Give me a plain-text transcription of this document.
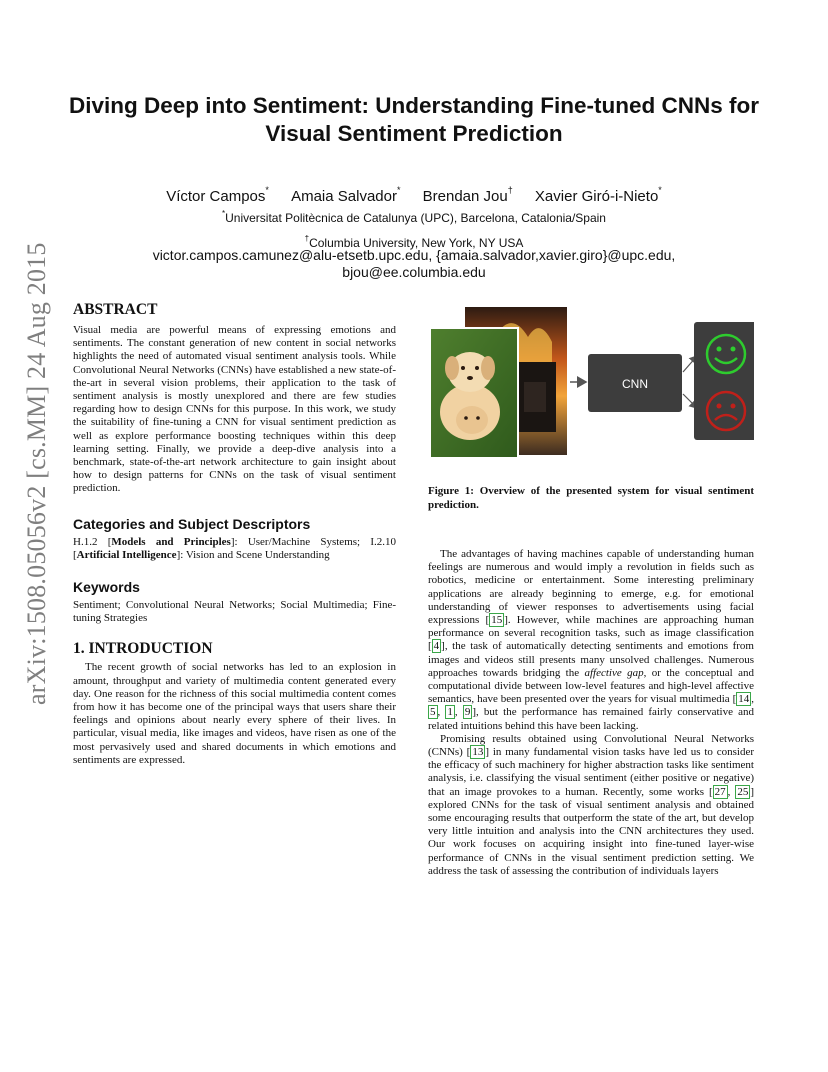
arXiv:1508.05056v2 [cs.MM] 24 Aug 2015
Diving Deep into Sentiment: Understanding Fine-tuned CNNs for Visual Sentiment Prediction
Víctor Campos* Amaia Salvador* Brendan Jou† Xavier Giró-i-Nieto*
*Universitat Politècnica de Catalunya (UPC), Barcelona, Catalonia/Spain
†Columbia University, New York, NY USA
victor.campos.camunez@alu-etsetb.upc.edu, {amaia.salvador,xavier.giro}@upc.edu,
bjou@ee.columbia.edu
ABSTRACT

Visual media are powerful means of expressing emotions and sentiments. The constant generation of new content in social networks highlights the need of automated visual sentiment analysis tools. While Convolutional Neural Networks (CNNs) have established a new state-of-the-art in several vision problems, their application to the task of sentiment analysis is mostly unexplored and there are few studies regarding how to design CNNs for this purpose. In this work, we study the suitability of fine-tuning a CNN for visual sentiment prediction as well as explore performance boosting techniques within this deep learning setting. Finally, we provide a deep-dive analysis into a benchmark, state-of-the-art network architecture to gain insight about how to design patterns for CNNs on the task of visual sentiment prediction.

Categories and Subject Descriptors

H.1.2 [Models and Principles]: User/Machine Systems; I.2.10 [Artificial Intelligence]: Vision and Scene Understanding

Keywords

Sentiment; Convolutional Neural Networks; Social Multimedia; Fine-tuning Strategies

1. INTRODUCTION

The recent growth of social networks has led to an explosion in amount, throughput and variety of multimedia content generated every day. One reason for the richness of this social multimedia content comes from how it has become one of the principal ways that users share their feelings and opinions about nearly every sphere of their lives. In particular, visual media, like images and videos, have risen as one of the most pervasively used and shared documents in which emotions and sentiments are expressed.

CNN
Figure 1: Overview of the presented system for visual sentiment prediction.

The advantages of having machines capable of understanding human feelings are numerous and would imply a revolution in fields such as robotics, medicine or entertainment. Some interesting preliminary applications are already beginning to emerge, e.g. for emotional understanding of viewer responses to advertisements using facial expressions [ 15 ]. However, while machines are approaching human performance on several recognition tasks, such as image classification [ 4 ], the task of automatically detecting sentiments and emotions from images and videos still presents many unsolved challenges. Numerous approaches towards bridging the affective gap, or the conceptual and computational divide between low-level features and high-level affective semantics, have been presented over the years for visual multimedia [ 14 , 5 , 1 , 9 ], but the performance has remained fairly conservative and related intuitions behind this have been lacking.

Promising results obtained using Convolutional Neural Networks (CNNs) [ 13 ] in many fundamental vision tasks have led us to consider the efficacy of such machinery for higher abstraction tasks like sentiment analysis, i.e. classifying the visual sentiment (either positive or negative) that an image provokes to a human. Recently, some works [ 27 , 25 ] explored CNNs for the task of visual sentiment analysis and obtained some encouraging results that outperform the state of the art, but develop very little intuition and analysis into the CNN architectures they used. Our work focuses on acquiring insight into fine-tuned layer-wise performance of CNNs in the visual sentiment prediction setting. We address the task of assessing the contribution of individuals layers
